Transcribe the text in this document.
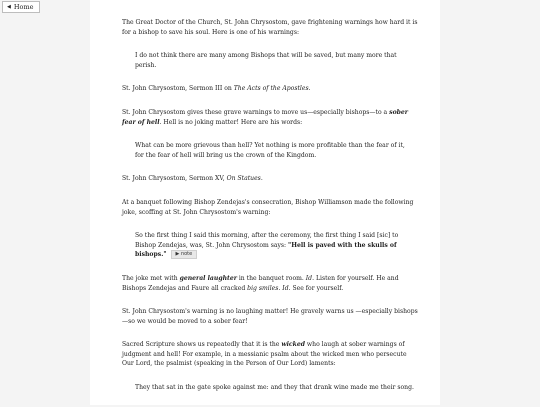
◀ Home

The Great Doctor of the Church, St. John Chrysostom, gave frightening warnings how hard it is for a bishop to save his soul. Here is one of his warnings:

I do not think there are many among Bishops that will be saved, but many more that perish.

St. John Chrysostom, Sermon III on The Acts of the Apostles.

St. John Chrysostom gives these grave warnings to move us—especially bishops—to a sober fear of hell. Hell is no joking matter! Here are his words:

What can be more grievous than hell? Yet nothing is more profitable than the fear of it, for the fear of hell will bring us the crown of the Kingdom.

St. John Chrysostom, Sermon XV, On Statues.

At a banquet following Bishop Zendejas's consecration, Bishop Williamson made the following joke, scoffing at St. John Chrysostom's warning:

So the first thing I said this morning, after the ceremony, the first thing I said [sic] to Bishop Zendejas, was, St. John Chrysostom says: "Hell is paved with the skulls of bishops." ▶ note

The joke met with general laughter in the banquet room. Id. Listen for yourself. He and Bishops Zendejas and Faure all cracked big smiles. Id. See for yourself.

St. John Chrysostom's warning is no laughing matter! He gravely warns us —especially bishops—so we would be moved to a sober fear!

Sacred Scripture shows us repeatedly that it is the wicked who laugh at sober warnings of judgment and hell! For example, in a messianic psalm about the wicked men who persecute Our Lord, the psalmist (speaking in the Person of Our Lord) laments:

They that sat in the gate spoke against me: and they that drank wine made me their song.
